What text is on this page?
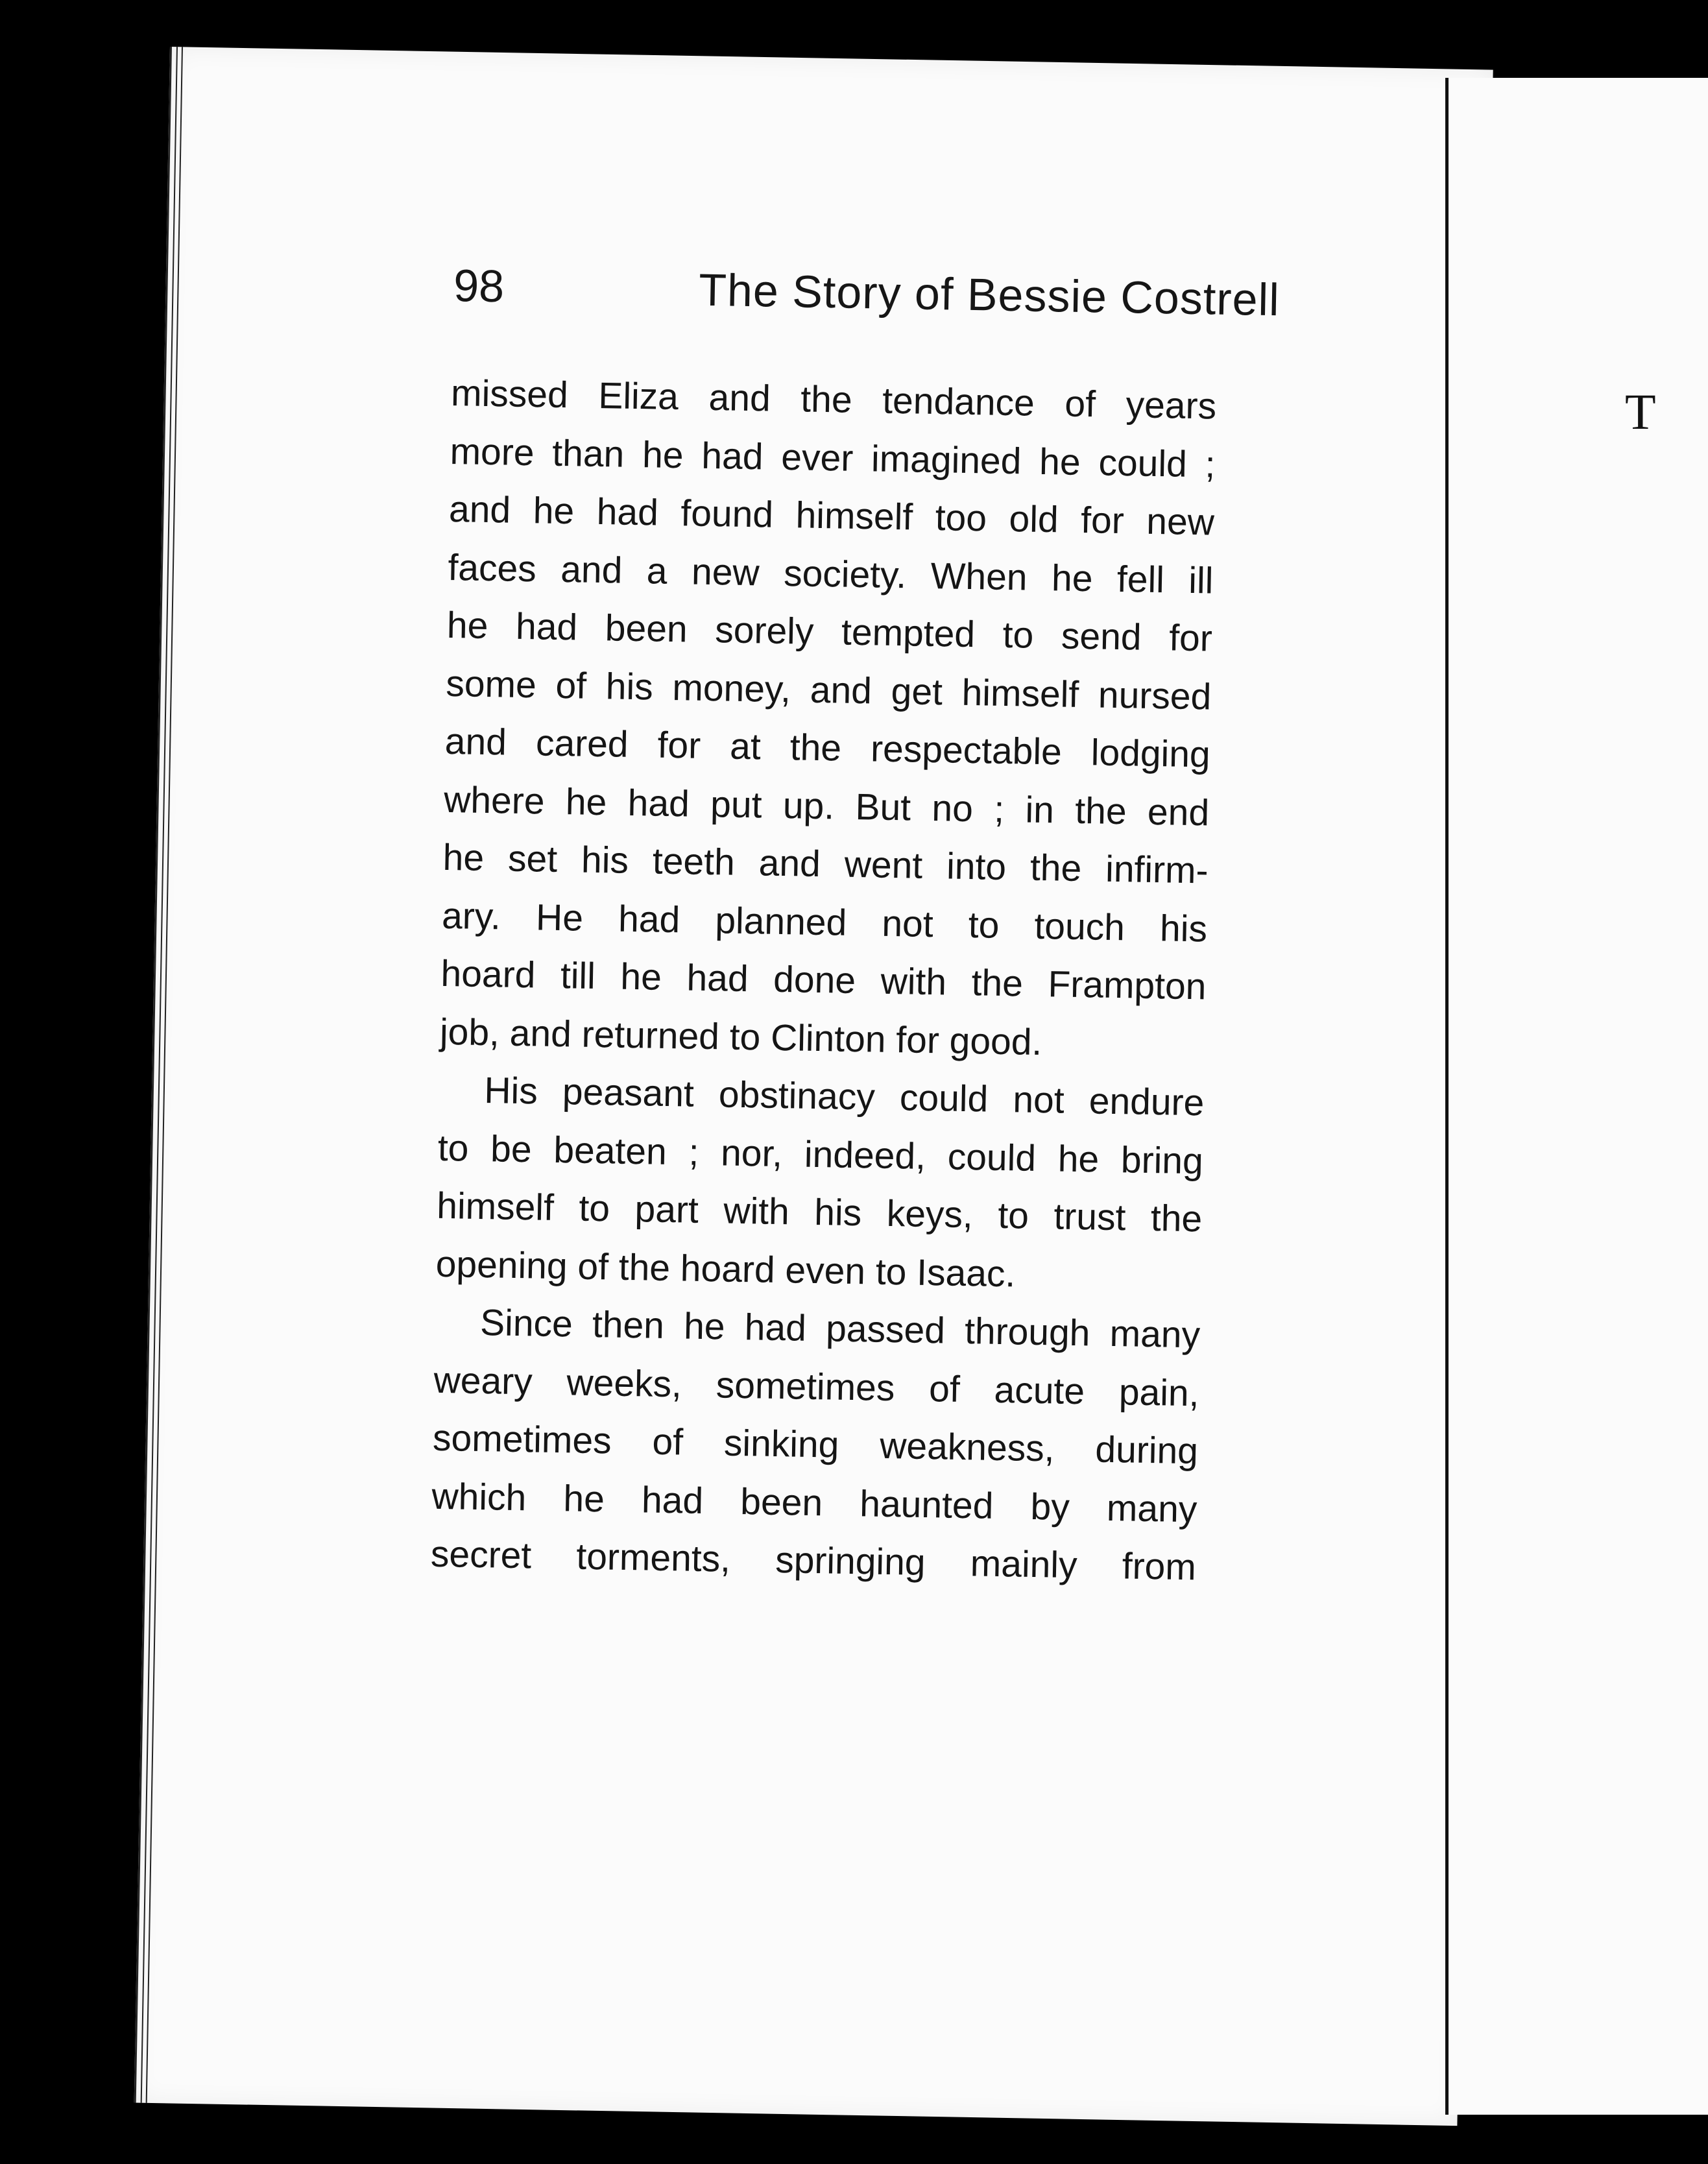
T
98	The Story of Bessie Costrell
missed Eliza and the tendance of years
more than he had ever imagined he could ;
and he had found himself too old for new
faces and a new society. When he fell ill
he had been sorely tempted to send for
some of his money, and get himself nursed
and cared for at the respectable lodging
where he had put up. But no ; in the end
he set his teeth and went into the infirm-
ary. He had planned not to touch his
hoard till he had done with the Frampton
job, and returned to Clinton for good.
His peasant obstinacy could not endure
to be beaten ; nor, indeed, could he bring
himself to part with his keys, to trust the
opening of the hoard even to Isaac.
Since then he had passed through many
weary weeks, sometimes of acute pain,
sometimes of sinking weakness, during
which he had been haunted by many
secret torments, springing mainly from
